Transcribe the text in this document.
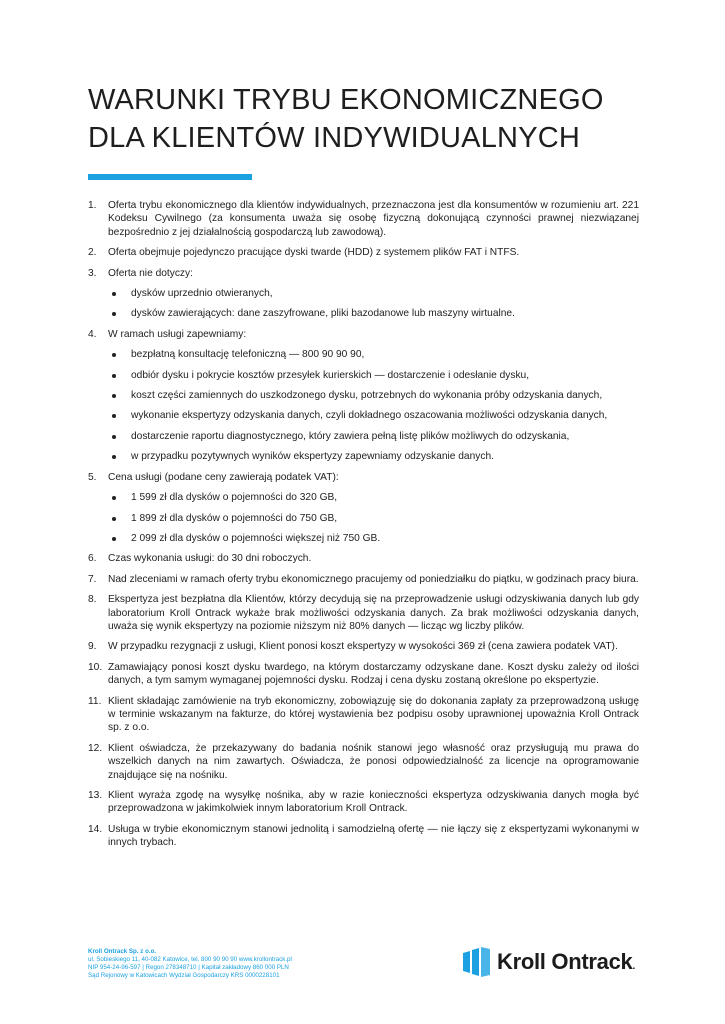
WARUNKI TRYBU EKONOMICZNEGO
DLA KLIENTÓW INDYWIDUALNYCH
1. Oferta trybu ekonomicznego dla klientów indywidualnych, przeznaczona jest dla konsumentów w rozumieniu art. 221 Kodeksu Cywilnego (za konsumenta uważa się osobę fizyczną dokonującą czynności prawnej niezwiązanej bezpośrednio z jej działalnością gospodarczą lub zawodową).
2. Oferta obejmuje pojedynczo pracujące dyski twarde (HDD) z systemem plików FAT i NTFS.
3. Oferta nie dotyczy:
dysków uprzednio otwieranych,
dysków zawierających: dane zaszyfrowane, pliki bazodanowe lub maszyny wirtualne.
4. W ramach usługi zapewniamy:
bezpłatną konsultację telefoniczną — 800 90 90 90,
odbiór dysku i pokrycie kosztów przesyłek kurierskich — dostarczenie i odesłanie dysku,
koszt części zamiennych do uszkodzonego dysku, potrzebnych do wykonania próby odzyskania danych,
wykonanie ekspertyzy odzyskania danych, czyli dokładnego oszacowania możliwości odzyskania danych,
dostarczenie raportu diagnostycznego, który zawiera pełną listę plików możliwych do odzyskania,
w przypadku pozytywnych wyników ekspertyzy zapewniamy odzyskanie danych.
5. Cena usługi (podane ceny zawierają podatek VAT):
1 599 zł dla dysków o pojemności do 320 GB,
1 899 zł dla dysków o pojemności do 750 GB,
2 099 zł dla dysków o pojemności większej niż 750 GB.
6. Czas wykonania usługi: do 30 dni roboczych.
7. Nad zleceniami w ramach oferty trybu ekonomicznego pracujemy od poniedziałku do piątku, w godzinach pracy biura.
8. Ekspertyza jest bezpłatna dla Klientów, którzy decydują się na przeprowadzenie usługi odzyskiwania danych lub gdy laboratorium Kroll Ontrack wykaże brak możliwości odzyskania danych. Za brak możliwości odzyskania danych, uważa się wynik ekspertyzy na poziomie niższym niż 80% danych — licząc wg liczby plików.
9. W przypadku rezygnacji z usługi, Klient ponosi koszt ekspertyzy w wysokości 369 zł (cena zawiera podatek VAT).
10. Zamawiający ponosi koszt dysku twardego, na którym dostarczamy odzyskane dane. Koszt dysku zależy od ilości danych, a tym samym wymaganej pojemności dysku. Rodzaj i cena dysku zostaną określone po ekspertyzie.
11. Klient składając zamówienie na tryb ekonomiczny, zobowiązuję się do dokonania zapłaty za przeprowadzoną usługę w terminie wskazanym na fakturze, do której wystawienia bez podpisu osoby uprawnionej upoważnia Kroll Ontrack sp. z o.o.
12. Klient oświadcza, że przekazywany do badania nośnik stanowi jego własność oraz przysługują mu prawa do wszelkich danych na nim zawartych. Oświadcza, że ponosi odpowiedzialność za licencje na oprogramowanie znajdujące się na nośniku.
13. Klient wyraża zgodę na wysyłkę nośnika, aby w razie konieczności ekspertyza odzyskiwania danych mogła być przeprowadzona w jakimkolwiek innym laboratorium Kroll Ontrack.
14. Usługa w trybie ekonomicznym stanowi jednolitą i samodzielną ofertę — nie łączy się z ekspertyzami wykonanymi w innych trybach.
Kroll Ontrack Sp. z o.o.
ul. Sobieskiego 11, 40-082 Katowice, tel. 800 90 90 90 www.krollontrack.pl
NIP 954-24-96-597 | Regon 278348710 | Kapitał zakładowy 860 000 PLN
Sąd Rejonowy w Katowicach Wydział Gospodarczy KRS 0000228101
Kroll Ontrack.
